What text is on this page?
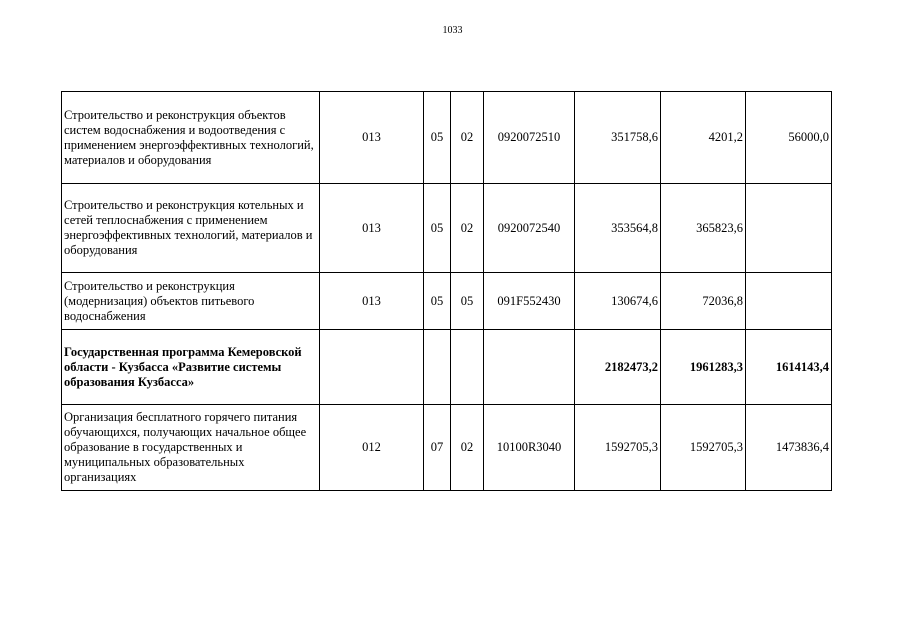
1033
Строительство и реконструкция объектов систем водоснабжения и водоотведения с применением энергоэффективных технологий, материалов и оборудования	013	05	02	0920072510	351758,6	4201,2	56000,0
Строительство и реконструкция котельных и сетей теплоснабжения с применением энергоэффективных технологий, материалов и оборудования	013	05	02	0920072540	353564,8	365823,6	
Строительство и реконструкция (модернизация) объектов питьевого водоснабжения	013	05	05	091F552430	130674,6	72036,8	
Государственная программа Кемеровской области - Кузбасса «Развитие системы образования Кузбасса»					2182473,2	1961283,3	1614143,4
Организация бесплатного горячего питания обучающихся, получающих начальное общее образование в государственных и муниципальных образовательных организациях	012	07	02	10100R3040	1592705,3	1592705,3	1473836,4
